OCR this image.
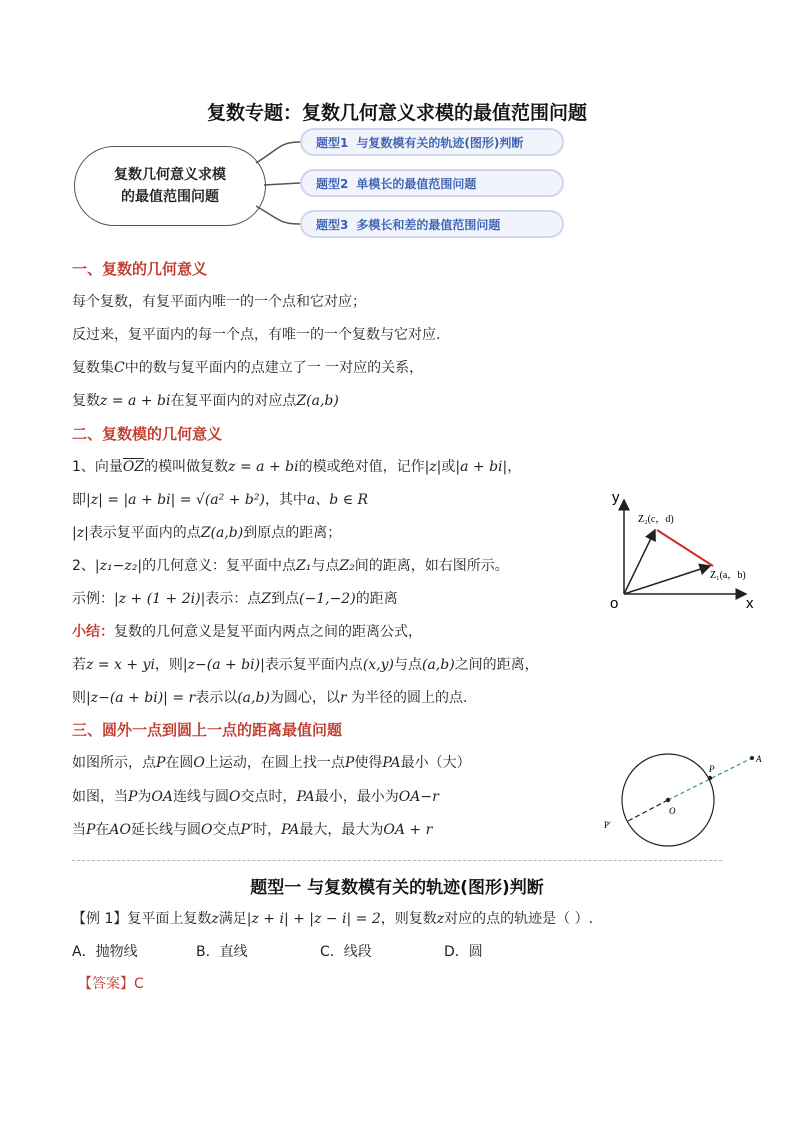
复数专题：复数几何意义求模的最值范围问题
复数几何意义求模
的最值范围问题
题型1 与复数模有关的轨迹(图形)判断
题型2 单模长的最值范围问题
题型3 多模长和差的最值范围问题
一、复数的几何意义
每个复数，有复平面内唯一的一个点和它对应；
反过来，复平面内的每一个点，有唯一的一个复数与它对应.
复数集C中的数与复平面内的点建立了一 一对应的关系，
复数z = a + bi在复平面内的对应点Z(a,b)
二、复数模的几何意义
1、向量$\overline{OZ}$的模叫做复数z = a + bi的模或绝对值，记作|z|或|a + bi|，
即|z| = |a + bi| = √(a² + b²)，其中a、b ∈ R
|z|表示复平面内的点Z(a,b)到原点的距离；
2、|z₁−z₂|的几何意义：复平面中点Z₁与点Z₂间的距离，如右图所示。
示例：|z + (1 + 2i)|表示：点Z到点(−1,−2)的距离
小结：复数的几何意义是复平面内两点之间的距离公式，
若z = x + yi，则|z−(a + bi)|表示复平面内点(x,y)与点(a,b)之间的距离，
则|z−(a + bi)| = r表示以(a,b)为圆心，以r 为半径的圆上的点.
y
x
o
Z₂(c，d)
Z₁(a，b)
三、圆外一点到圆上一点的距离最值问题
如图所示，点P在圆O上运动，在圆上找一点P使得PA最小（大）
如图，当P为OA连线与圆O交点时，PA最小，最小为OA−r
当P在AO延长线与圆O交点P′时，PA最大，最大为OA + r
A
P
O
P′
题型一 与复数模有关的轨迹(图形)判断
【例 1】复平面上复数z满足|z + i| + |z − i| = 2，则复数z对应的点的轨迹是（ ）.
A．抛物线	B．直线	C．线段	D．圆
【答案】C
